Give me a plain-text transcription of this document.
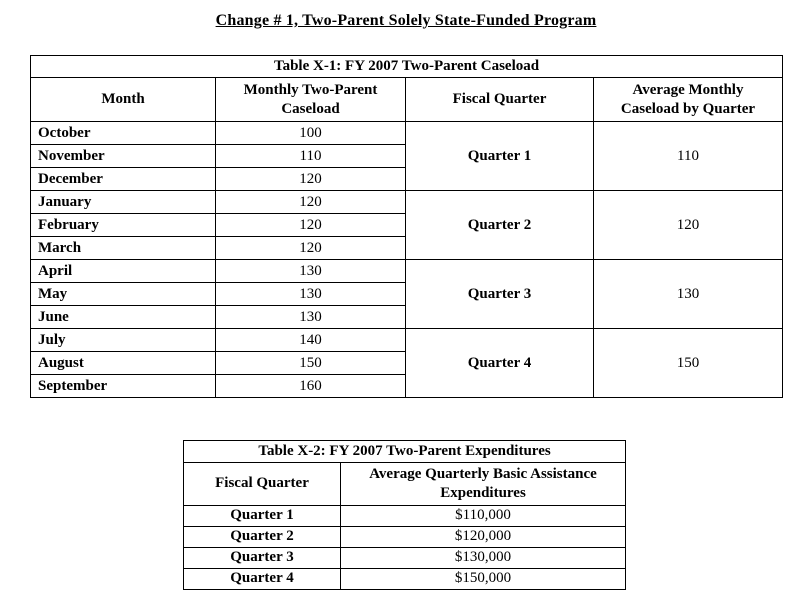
Change # 1, Two-Parent Solely State-Funded Program
Table X-1: FY 2007 Two-Parent Caseload			
Month	Monthly Two-Parent Caseload	Fiscal Quarter	Average Monthly Caseload by Quarter
October	100	Quarter 1	110
November	110		
December	120		
January	120	Quarter 2	120
February	120		
March	120		
April	130	Quarter 3	130
May	130		
June	130		
July	140	Quarter 4	150
August	150		
September	160		
Table X-2: FY 2007 Two-Parent Expenditures	
Fiscal Quarter	Average Quarterly Basic Assistance Expenditures
Quarter 1	$110,000
Quarter 2	$120,000
Quarter 3	$130,000
Quarter 4	$150,000
